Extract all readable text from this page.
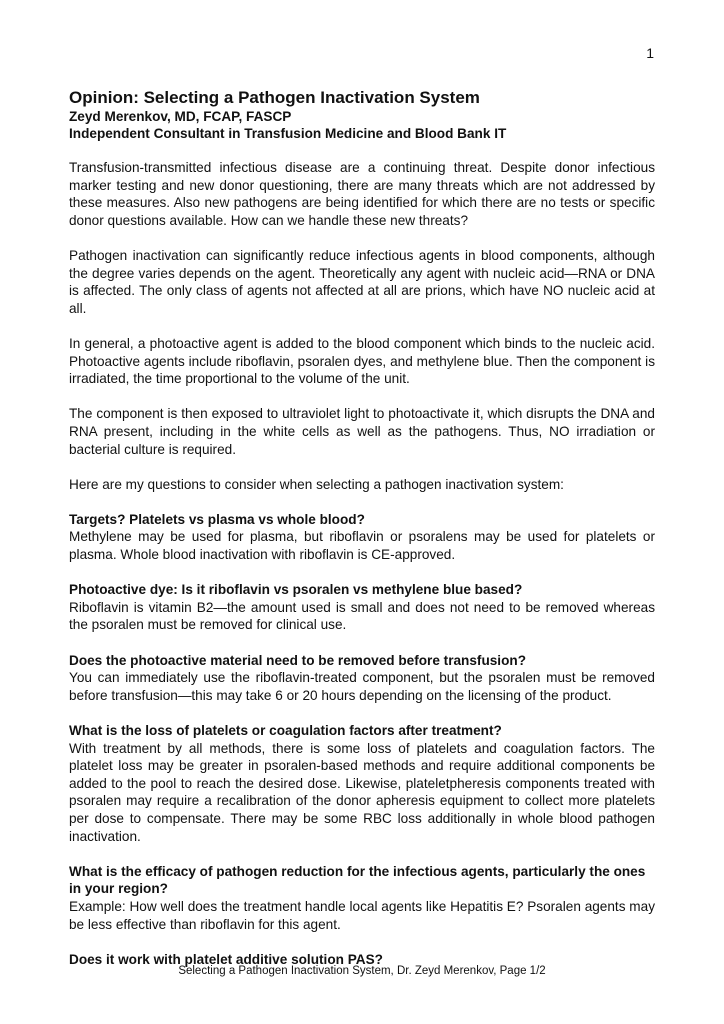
1
Opinion: Selecting a Pathogen Inactivation System
Zeyd Merenkov, MD, FCAP, FASCP
Independent Consultant in Transfusion Medicine and Blood Bank IT

Transfusion-transmitted infectious disease are a continuing threat. Despite donor infectious marker testing and new donor questioning, there are many threats which are not addressed by these measures. Also new pathogens are being identified for which there are no tests or specific donor questions available. How can we handle these new threats?

Pathogen inactivation can significantly reduce infectious agents in blood components, although the degree varies depends on the agent. Theoretically any agent with nucleic acid—RNA or DNA is affected. The only class of agents not affected at all are prions, which have NO nucleic acid at all.

In general, a photoactive agent is added to the blood component which binds to the nucleic acid. Photoactive agents include riboflavin, psoralen dyes, and methylene blue. Then the component is irradiated, the time proportional to the volume of the unit.

The component is then exposed to ultraviolet light to photoactivate it, which disrupts the DNA and RNA present, including in the white cells as well as the pathogens. Thus, NO irradiation or bacterial culture is required.

Here are my questions to consider when selecting a pathogen inactivation system:

Targets? Platelets vs plasma vs whole blood?

Methylene may be used for plasma, but riboflavin or psoralens may be used for platelets or plasma. Whole blood inactivation with riboflavin is CE-approved.

Photoactive dye: Is it riboflavin vs psoralen vs methylene blue based?

Riboflavin is vitamin B2—the amount used is small and does not need to be removed whereas the psoralen must be removed for clinical use.

Does the photoactive material need to be removed before transfusion?

You can immediately use the riboflavin-treated component, but the psoralen must be removed before transfusion—this may take 6 or 20 hours depending on the licensing of the product.

What is the loss of platelets or coagulation factors after treatment?

With treatment by all methods, there is some loss of platelets and coagulation factors. The platelet loss may be greater in psoralen-based methods and require additional components be added to the pool to reach the desired dose. Likewise, plateletpheresis components treated with psoralen may require a recalibration of the donor apheresis equipment to collect more platelets per dose to compensate. There may be some RBC loss additionally in whole blood pathogen inactivation.

What is the efficacy of pathogen reduction for the infectious agents, particularly the ones in your region?

Example: How well does the treatment handle local agents like Hepatitis E? Psoralen agents may be less effective than riboflavin for this agent.

Does it work with platelet additive solution PAS?

Selecting a Pathogen Inactivation System, Dr. Zeyd Merenkov, Page 1/2
